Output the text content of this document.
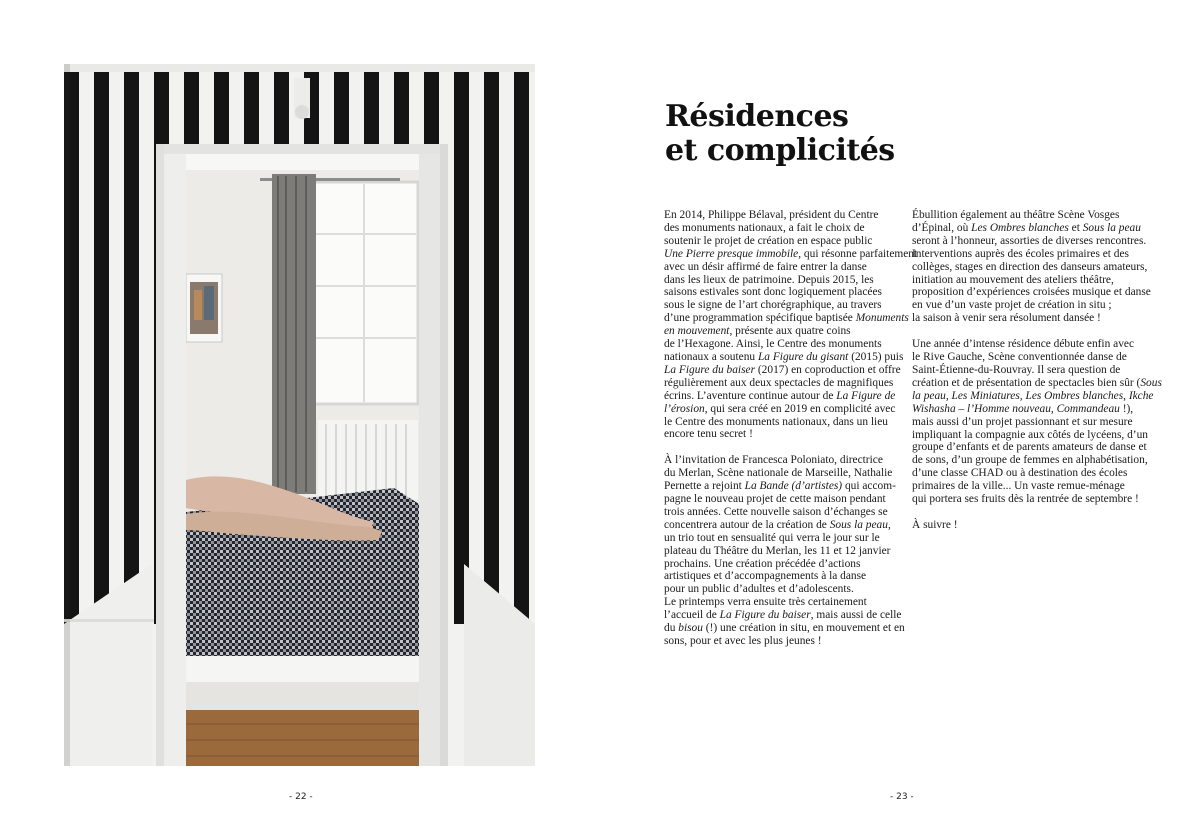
- 22 -
Résidences
et complicités

En 2014, Philippe Bélaval, président du Centre
des monuments nationaux, a fait le choix de
soutenir le projet de création en espace public
Une Pierre presque immobile, qui résonne parfaitement
avec un désir affirmé de faire entrer la danse
dans les lieux de patrimoine. Depuis 2015, les
saisons estivales sont donc logiquement placées
sous le signe de l’art chorégraphique, au travers
d’une programmation spécifique baptisée Monuments
en mouvement, présente aux quatre coins
de l’Hexagone. Ainsi, le Centre des monuments
nationaux a soutenu La Figure du gisant (2015) puis
La Figure du baiser (2017) en coproduction et offre
régulièrement aux deux spectacles de magnifiques
écrins. L’aventure continue autour de La Figure de
l’érosion, qui sera créé en 2019 en complicité avec
le Centre des monuments nationaux, dans un lieu
encore tenu secret !

À l’invitation de Francesca Poloniato, directrice
du Merlan, Scène nationale de Marseille, Nathalie
Pernette a rejoint La Bande (d’artistes) qui accom-
pagne le nouveau projet de cette maison pendant
trois années. Cette nouvelle saison d’échanges se
concentrera autour de la création de Sous la peau,
un trio tout en sensualité qui verra le jour sur le
plateau du Théâtre du Merlan, les 11 et 12 janvier
prochains. Une création précédée d’actions
artistiques et d’accompagnements à la danse
pour un public d’adultes et d’adolescents.
Le printemps verra ensuite très certainement
l’accueil de La Figure du baiser, mais aussi de celle
du bisou (!) une création in situ, en mouvement et en
sons, pour et avec les plus jeunes !

Ébullition également au théâtre Scène Vosges
d’Épinal, où Les Ombres blanches et Sous la peau
seront à l’honneur, assorties de diverses rencontres.
Interventions auprès des écoles primaires et des
collèges, stages en direction des danseurs amateurs,
initiation au mouvement des ateliers théâtre,
proposition d’expériences croisées musique et danse
en vue d’un vaste projet de création in situ ;
la saison à venir sera résolument dansée !

Une année d’intense résidence débute enfin avec
le Rive Gauche, Scène conventionnée danse de
Saint-Étienne-du-Rouvray. Il sera question de
création et de présentation de spectacles bien sûr (Sous
la peau, Les Miniatures, Les Ombres blanches, Ikche
Wishasha – l’Homme nouveau, Commandeau !),
mais aussi d’un projet passionnant et sur mesure
impliquant la compagnie aux côtés de lycéens, d’un
groupe d’enfants et de parents amateurs de danse et
de sons, d’un groupe de femmes en alphabétisation,
d’une classe CHAD ou à destination des écoles
primaires de la ville... Un vaste remue-ménage
qui portera ses fruits dès la rentrée de septembre !

À suivre !

- 23 -
